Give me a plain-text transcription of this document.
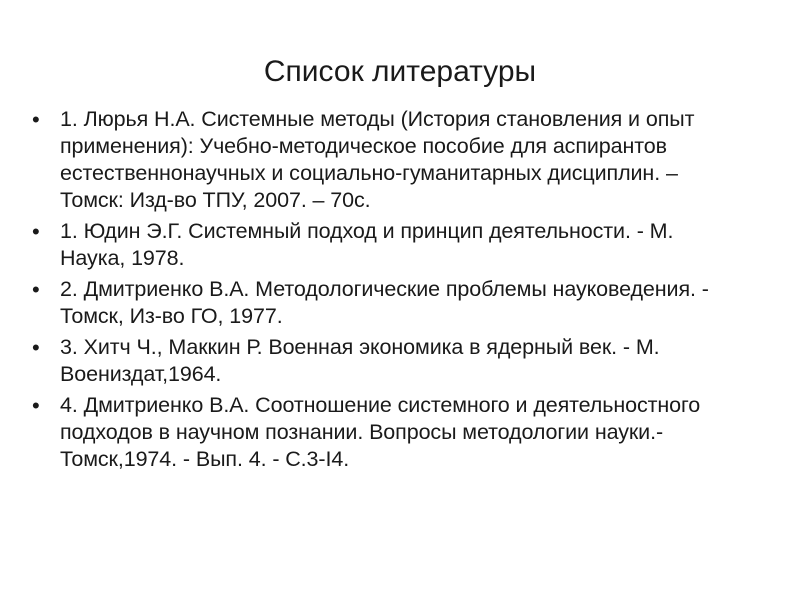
Список литературы
• 1. Люрья Н.А. Системные методы (История становления и опыт применения): Учебно-методическое пособие для аспирантов естественнонаучных и социально-гуманитарных дисциплин. – Томск: Изд-во ТПУ, 2007. – 70с.
• 1. Юдин Э.Г. Системный подход и принцип деятельности. - М. Наука, 1978.
• 2. Дмитриенко В.А. Методологические проблемы науковедения. - Томск, Из-во ГО, 1977.
• 3. Хитч Ч., Маккин Р. Военная экономика в ядерный век. - М. Воениздат,1964.
• 4. Дмитриенко В.А. Соотношение системного и деятельностного подходов в научном познании. Вопросы методологии науки.- Томск,1974. - Вып. 4. - С.3-I4.
